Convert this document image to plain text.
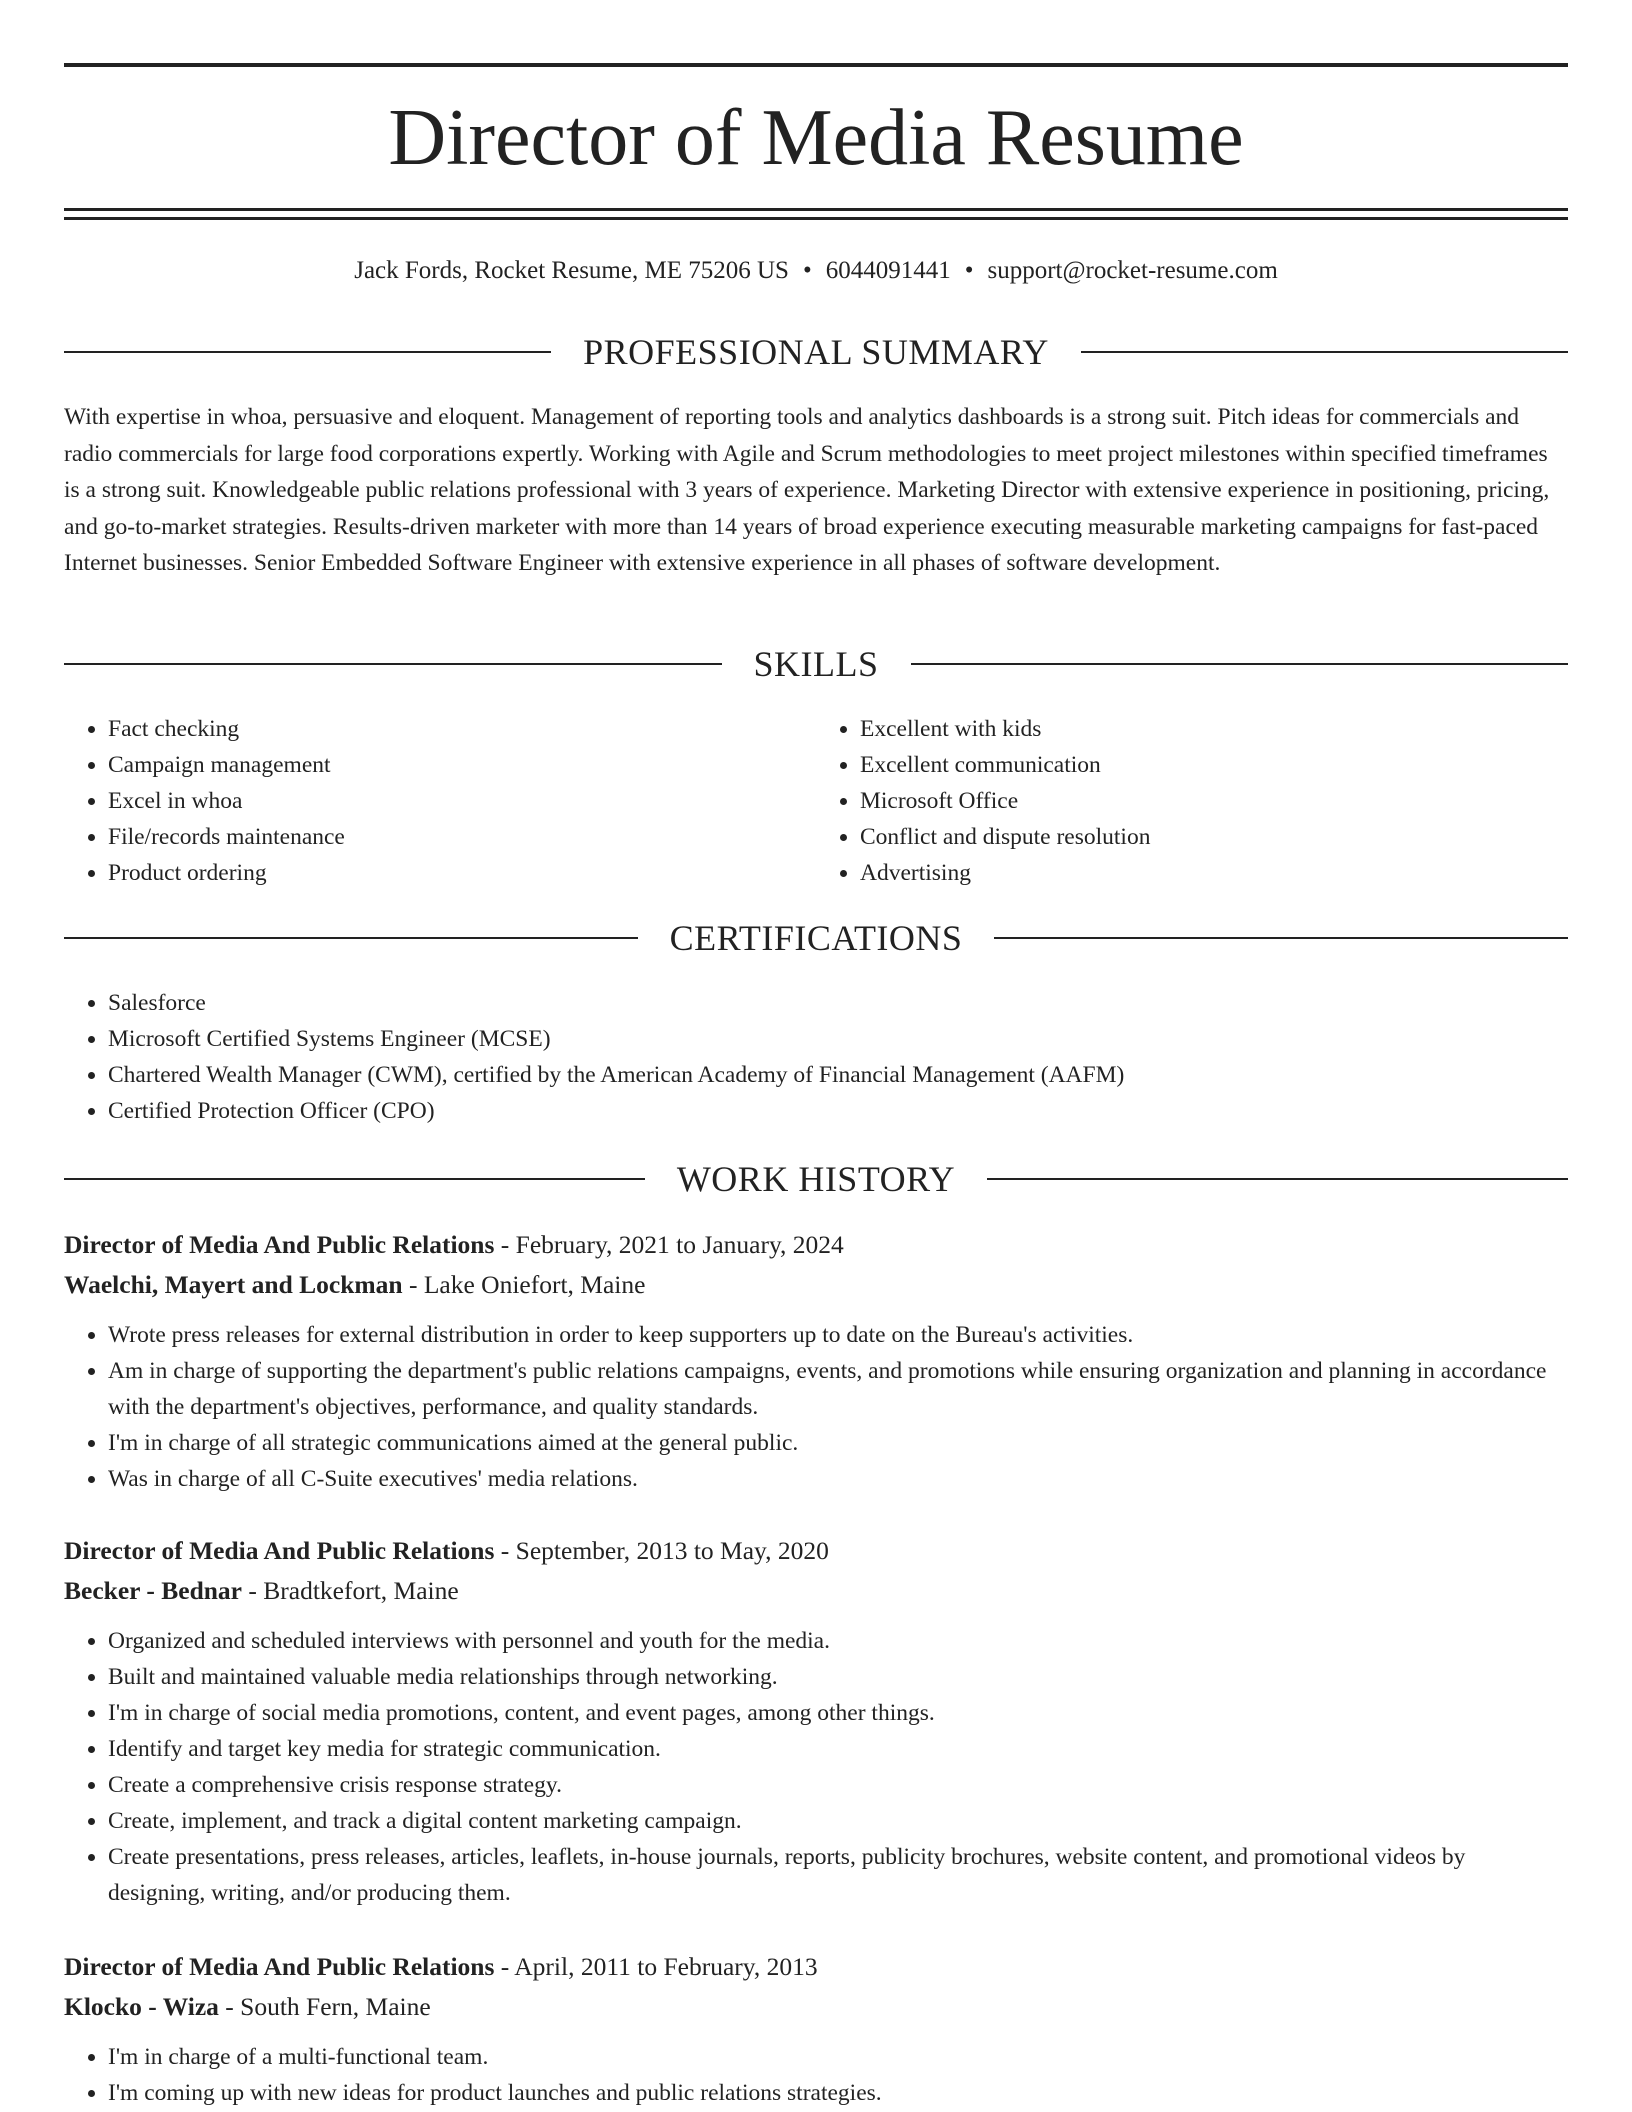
Director of Media Resume
Jack Fords, Rocket Resume, ME 75206 US • 6044091441 • support@rocket-resume.com
PROFESSIONAL SUMMARY

With expertise in whoa, persuasive and eloquent. Management of reporting tools and analytics dashboards is a strong suit. Pitch ideas for commercials and radio commercials for large food corporations expertly. Working with Agile and Scrum methodologies to meet project milestones within specified timeframes is a strong suit. Knowledgeable public relations professional with 3 years of experience. Marketing Director with extensive experience in positioning, pricing, and go-to-market strategies. Results-driven marketer with more than 14 years of broad experience executing measurable marketing campaigns for fast-paced Internet businesses. Senior Embedded Software Engineer with extensive experience in all phases of software development.

SKILLS
• Fact checking
• Campaign management
• Excel in whoa
• File/records maintenance
• Product ordering
• Excellent with kids
• Excellent communication
• Microsoft Office
• Conflict and dispute resolution
• Advertising
CERTIFICATIONS
• Salesforce
• Microsoft Certified Systems Engineer (MCSE)
• Chartered Wealth Manager (CWM), certified by the American Academy of Financial Management (AAFM)
• Certified Protection Officer (CPO)
WORK HISTORY
Director of Media And Public Relations - February, 2021 to January, 2024
Waelchi, Mayert and Lockman - Lake Oniefort, Maine
• Wrote press releases for external distribution in order to keep supporters up to date on the Bureau's activities.
• Am in charge of supporting the department's public relations campaigns, events, and promotions while ensuring organization and planning in accordance with the department's objectives, performance, and quality standards.
• I'm in charge of all strategic communications aimed at the general public.
• Was in charge of all C-Suite executives' media relations.
Director of Media And Public Relations - September, 2013 to May, 2020
Becker - Bednar - Bradtkefort, Maine
• Organized and scheduled interviews with personnel and youth for the media.
• Built and maintained valuable media relationships through networking.
• I'm in charge of social media promotions, content, and event pages, among other things.
• Identify and target key media for strategic communication.
• Create a comprehensive crisis response strategy.
• Create, implement, and track a digital content marketing campaign.
• Create presentations, press releases, articles, leaflets, in-house journals, reports, publicity brochures, website content, and promotional videos by designing, writing, and/or producing them.
Director of Media And Public Relations - April, 2011 to February, 2013
Klocko - Wiza - South Fern, Maine
• I'm in charge of a multi-functional team.
• I'm coming up with new ideas for product launches and public relations strategies.
